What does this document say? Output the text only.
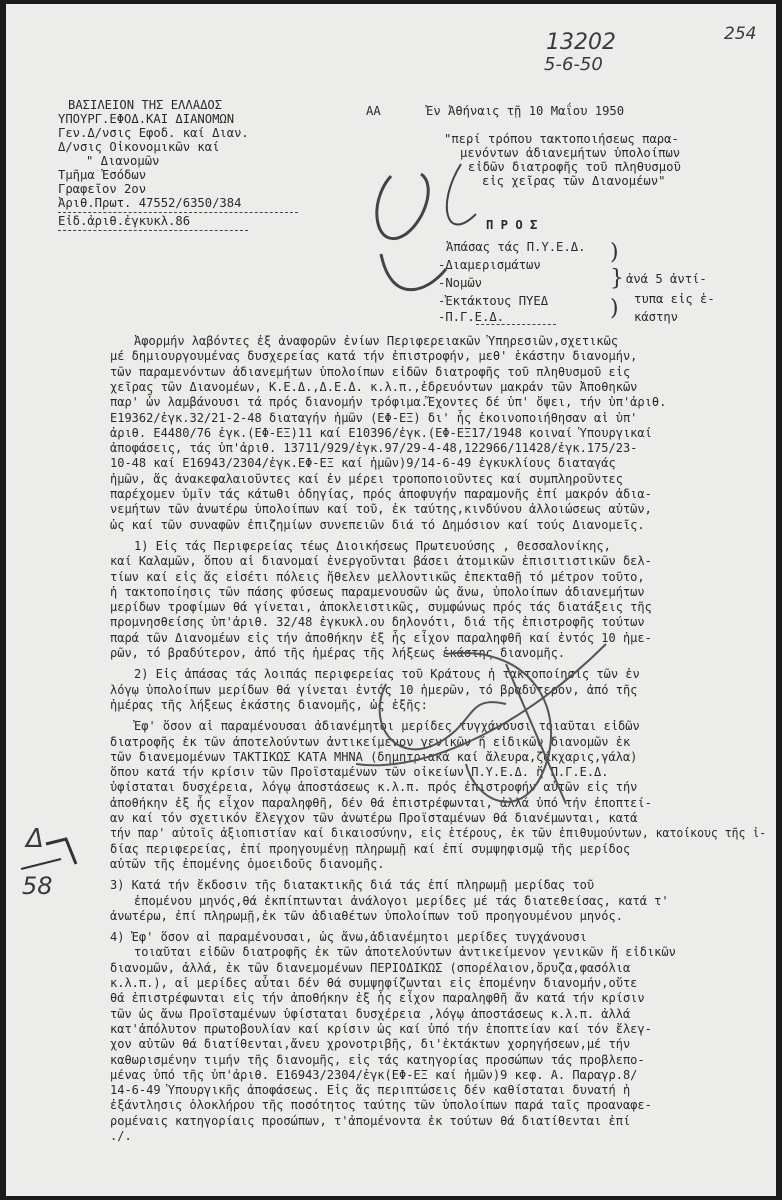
13202
5-6-50
254
ΒΑΣΙΛΕΙΟΝ ΤΗΣ ΕΛΛΑΔΟΣ
ΥΠΟΥΡΓ.ΕΦΟΔ.ΚΑΙ ΔΙΑΝΟΜΩΝ
Γεν.Δ/νσις Εφοδ. καί Διαν.
Δ/νσις Οἰκονομικῶν καί
" Διανομῶν
Τμῆμα Ἐσόδων
Γραφεῖον 2ον
Ἀριθ.Πρωτ. 47552/6350/384
Εἰδ.ἀριθ.ἐγκυκλ.86
ΑΑ	Ἐν Ἀθήναις τῇ 10 Μαΐου 1950
"περί τρόπου τακτοποιήσεως παρα-
μενόντων ἀδιανεμήτων ὑπολοίπων
εἰδῶν διατροφῆς τοῦ πληθυσμοῦ
εἰς χεῖρας τῶν Διανομέων"
Π Ρ Ο Σ
Ἁπάσας τάς Π.Υ.Ε.Δ.
-Διαμερισμάτων
-Νομῶν
-Ἐκτάκτους ΠΥΕΔ
-Π.Γ.Ε.Δ.
)
}
)
ἀνά 5 ἀντί-
τυπα εἰς ἑ-
κάστην
Ἀφορμήν λαβόντες ἐξ ἀναφορῶν ἐνίων Περιφερειακῶν Ὑπηρεσιῶν,σχετικῶς
μέ δημιουργουμένας δυσχερείας κατά τήν ἐπιστροφήν, μεθ' ἑκάστην διανομήν,
τῶν παραμενόντων ἀδιανεμήτων ὑπολοίπων εἰδῶν διατροφῆς τοῦ πληθυσμοῦ εἰς
χεῖρας τῶν Διανομέων, Κ.Ε.Δ.,Δ.Ε.Δ. κ.λ.π.,ἐδρευόντων μακράν τῶν Ἀποθηκῶν
παρ' ὧν λαμβάνουσι τά πρός διανομήν τρόφιμα.Ἔχοντες δέ ὑπ' ὄψει, τήν ὑπ'ἀριθ.
Ε19362/ἐγκ.32/21-2-48 διαταγήν ἡμῶν (ΕΦ-ΕΞ) δι' ἧς ἐκοινοποιήθησαν αἱ ὑπ'
ἀριθ. Ε4480/76 ἐγκ.(ΕΦ-ΕΞ)11 καί Ε10396/ἐγκ.(ΕΦ-ΕΞ17/1948 κοιναί Ὑπουργικαί
ἀποφάσεις, τάς ὑπ'ἀριθ. 13711/929/ἐγκ.97/29-4-48,122966/11428/ἐγκ.175/23-
10-48 καί Ε16943/2304/ἐγκ.ΕΦ-ΕΞ καί ἡμῶν)9/14-6-49 ἐγκυκλίους διαταγάς
ἡμῶν, ἅς ἀνακεφαλαιοῦντες καί ἐν μέρει τροποποιοῦντες καί συμπληροῦντες
παρέχομεν ὑμῖν τάς κάτωθι ὁδηγίας, πρός ἀποφυγήν παραμονῆς ἐπί μακρόν ἀδια-
νεμήτων τῶν ἀνωτέρω ὑπολοίπων καί τοῦ, ἐκ ταύτης,κινδύνου ἀλλοιώσεως αὐτῶν,
ὡς καί τῶν συναφῶν ἐπιζημίων συνεπειῶν διά τό Δημόσιον καί τούς Διανομεῖς.
1) Εἰς τάς Περιφερείας τέως Διοικήσεως Πρωτευούσης , Θεσσαλονίκης,
καί Καλαμῶν, ὅπου αἱ διανομαί ἐνεργοῦνται βάσει ἀτομικῶν ἐπισιτιστικῶν δελ-
τίων καί εἰς ἅς εἰσέτι πόλεις ἤθελεν μελλοντικῶς ἐπεκταθῇ τό μέτρον τοῦτο,
ἡ τακτοποίησις τῶν πάσης φύσεως παραμενουσῶν ὡς ἄνω, ὑπολοίπων ἀδιανεμήτων
μερίδων τροφίμων θά γίνεται, ἀποκλειστικῶς, συμφώνως πρός τάς διατάξεις τῆς
προμνησθείσης ὑπ'ἀριθ. 32/48 ἐγκυκλ.ου δηλονότι, διά τῆς ἐπιστροφῆς τούτων
παρά τῶν Διανομέων εἰς τήν ἀποθήκην ἐξ ἧς εἶχον παραληφθῆ καί ἐντός 10 ἡμε-
ρῶν, τό βραδύτερον, ἀπό τῆς ἡμέρας τῆς λήξεως ἑκάστης διανομῆς.
2) Εἰς ἁπάσας τάς λοιπάς περιφερείας τοῦ Κράτους ἡ τακτοποίησις τῶν ἐν
λόγῳ ὑπολοίπων μερίδων θά γίνεται ἐντός 10 ἡμερῶν, τό βραδύτερον, ἀπό τῆς
ἡμέρας τῆς λήξεως ἑκάστης διανομῆς, ὡς ἑξῆς:
Ἐφ' ὅσον αἱ παραμένουσαι ἀδιανέμητοι μερίδες τυγχάνουσι τοιαῦται εἰδῶν
διατροφῆς ἐκ τῶν ἀποτελούντων ἀντικείμενον γενικῶν ἤ εἰδικῶν διανομῶν ἐκ
τῶν διανεμομένων ΤΑΚΤΙΚΩΣ ΚΑΤΑ ΜΗΝΑ (δημητριακά καί ἄλευρα,ζάκχαρις,γάλα)
ὅπου κατά τήν κρίσιν τῶν Προϊσταμένων τῶν οἰκείων Π.Υ.Ε.Δ. ἤ Π.Γ.Ε.Δ.
ὑφίσταται δυσχέρεια, λόγῳ ἀποστάσεως κ.λ.π. πρός ἐπιστροφήν αὐτῶν εἰς τήν
ἀποθήκην ἐξ ἧς εἶχον παραληφθῆ, δέν θά ἐπιστρέφωνται, ἀλλά ὑπό τήν ἐποπτεί-
αν καί τόν σχετικόν ἔλεγχον τῶν ἀνωτέρω Προϊσταμένων θά διανέμωνται, κατά
τήν παρ' αὐτοῖς ἀξιοπιστίαν καί δικαιοσύνην, εἰς ἑτέρους, ἐκ τῶν ἐπιθυμούντων, κατοίκους τῆς ἰ-
δίας περιφερείας, ἐπί προηγουμένῃ πληρωμῇ καί ἐπί συμψηφισμῷ τῆς μερίδος
αὐτῶν τῆς ἐπομένης ὁμοειδοῦς διανομῆς.
3) Κατά τήν ἔκδοσιν τῆς διατακτικῆς διά τάς ἐπί πληρωμῇ μερίδας τοῦ
ἑπομένου μηνός,θά ἐκπίπτωνται ἀνάλογοι μερίδες μέ τάς διατεθείσας, κατά τ'
ἀνωτέρω, ἐπί πληρωμῇ,ἐκ τῶν ἀδιαθέτων ὑπολοίπων τοῦ προηγουμένου μηνός.
4) Ἐφ' ὅσον αἱ παραμένουσαι, ὡς ἄνω,ἀδιανέμητοι μερίδες τυγχάνουσι
τοιαῦται εἰδῶν διατροφῆς ἐκ τῶν ἀποτελούντων ἀντικείμενον γενικῶν ἤ εἰδικῶν
διανομῶν, ἀλλά, ἐκ τῶν διανεμομένων ΠΕΡΙΟΔΙΚΩΣ (σπορέλαιον,ὄρυζα,φασόλια
κ.λ.π.), αἱ μερίδες αὗται δέν θά συμψηφίζωνται εἰς ἑπομένην διανομήν,οὔτε
θά ἐπιστρέφωνται εἰς τήν ἀποθήκην ἐξ ἧς εἶχον παραληφθῆ ἄν κατά τήν κρίσιν
τῶν ὡς ἄνω Προϊσταμένων ὑφίσταται δυσχέρεια ,λόγῳ ἀποστάσεως κ.λ.π. ἀλλά
κατ'ἀπόλυτον πρωτοβουλίαν καί κρίσιν ὡς καί ὑπό τήν ἐποπτείαν καί τόν ἔλεγ-
χον αὐτῶν θά διατίθενται,ἄνευ χρονοτριβῆς, δι'ἐκτάκτων χορηγήσεων,μέ τήν
καθωρισμένην τιμήν τῆς διανομῆς, εἰς τάς κατηγορίας προσώπων τάς προβλεπο-
μένας ὑπό τῆς ὑπ'ἀριθ. Ε16943/2304/ἐγκ(ΕΦ-ΕΞ καί ἡμῶν)9 κεφ. Α. Παραγρ.8/
14-6-49 Ὑπουργικῆς ἀποφάσεως. Εἰς ἅς περιπτώσεις δέν καθίσταται δυνατή ἡ
ἐξάντλησις ὁλοκλήρου τῆς ποσότητος ταύτης τῶν ὑπολοίπων παρά ταῖς προαναφε-
ρομέναις κατηγορίαις προσώπων, τ'ἀπομένοντα ἐκ τούτων θά διατίθενται ἐπί
./.
Δ
58
